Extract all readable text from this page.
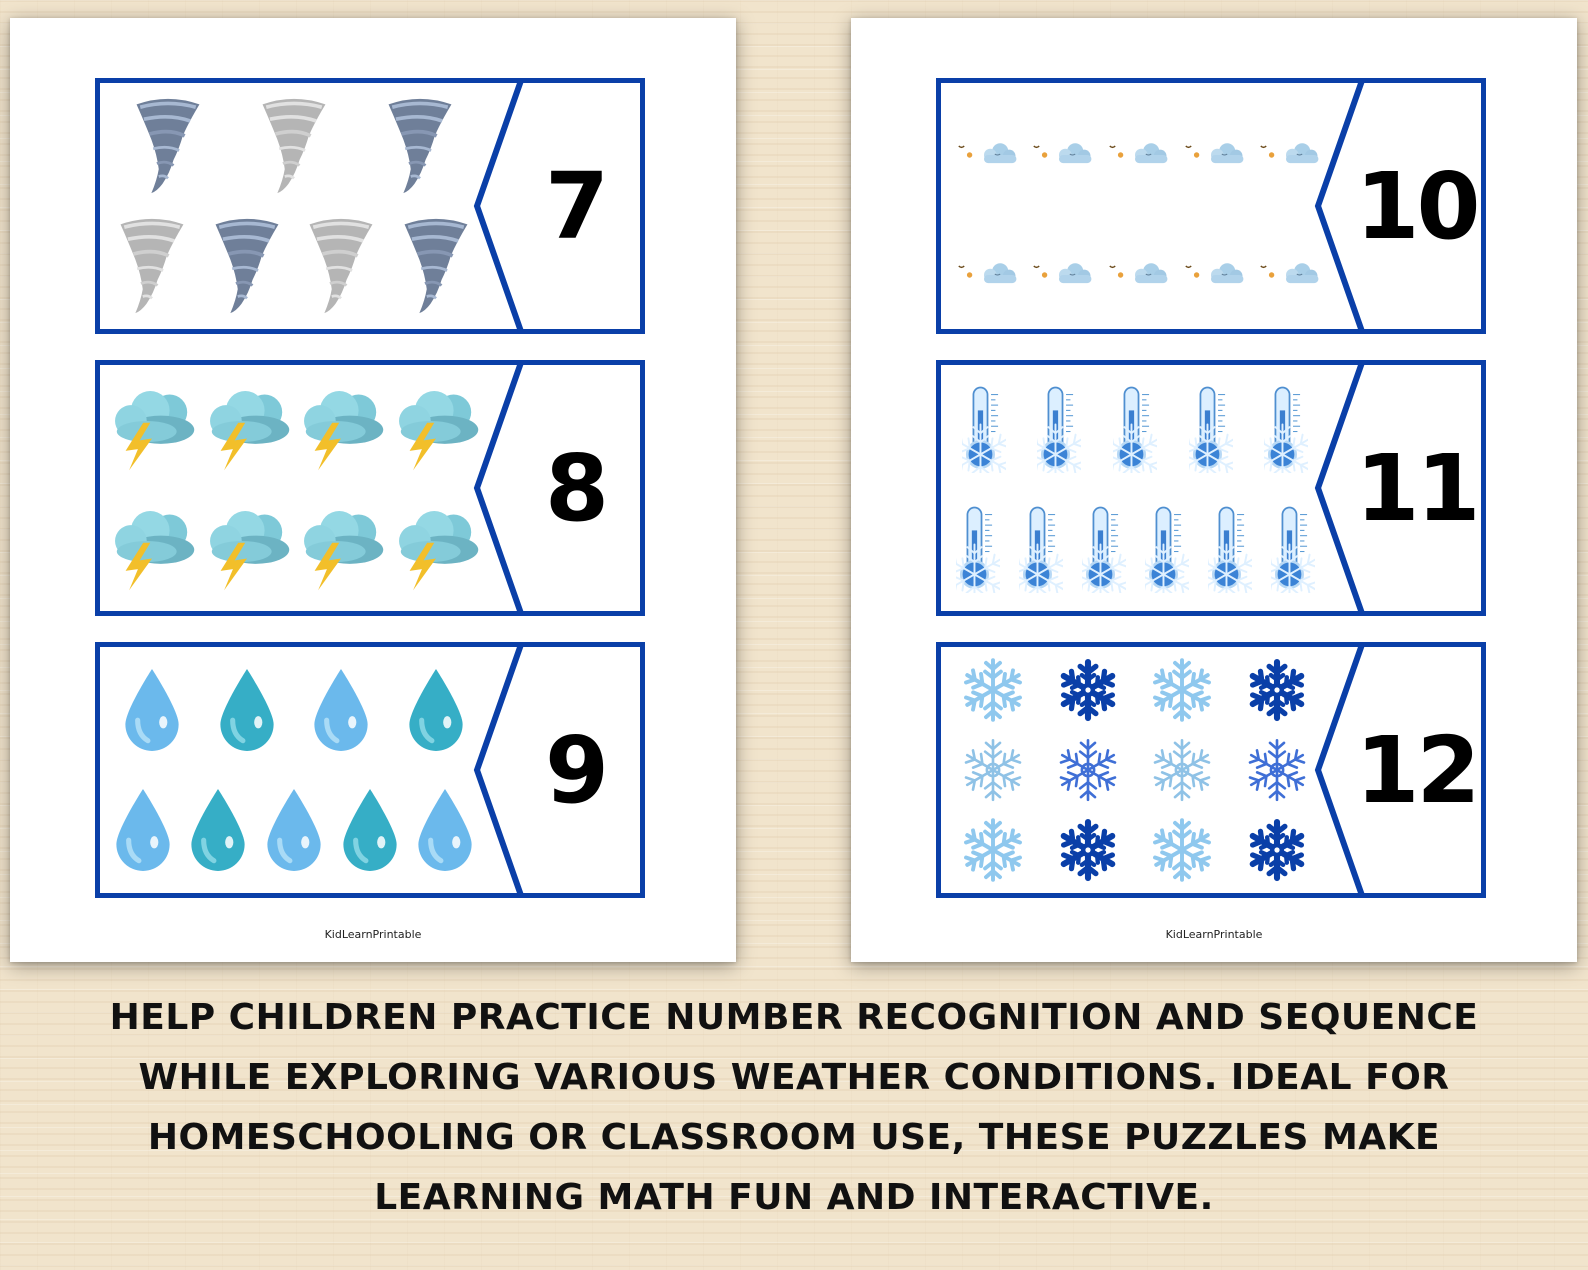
7
8
9
KidLearnPrintable
10
11
12
KidLearnPrintable
HELP CHILDREN PRACTICE NUMBER RECOGNITION AND SEQUENCE WHILE EXPLORING VARIOUS WEATHER CONDITIONS. IDEAL FOR HOMESCHOOLING OR CLASSROOM USE, THESE PUZZLES MAKE LEARNING MATH FUN AND INTERACTIVE.
